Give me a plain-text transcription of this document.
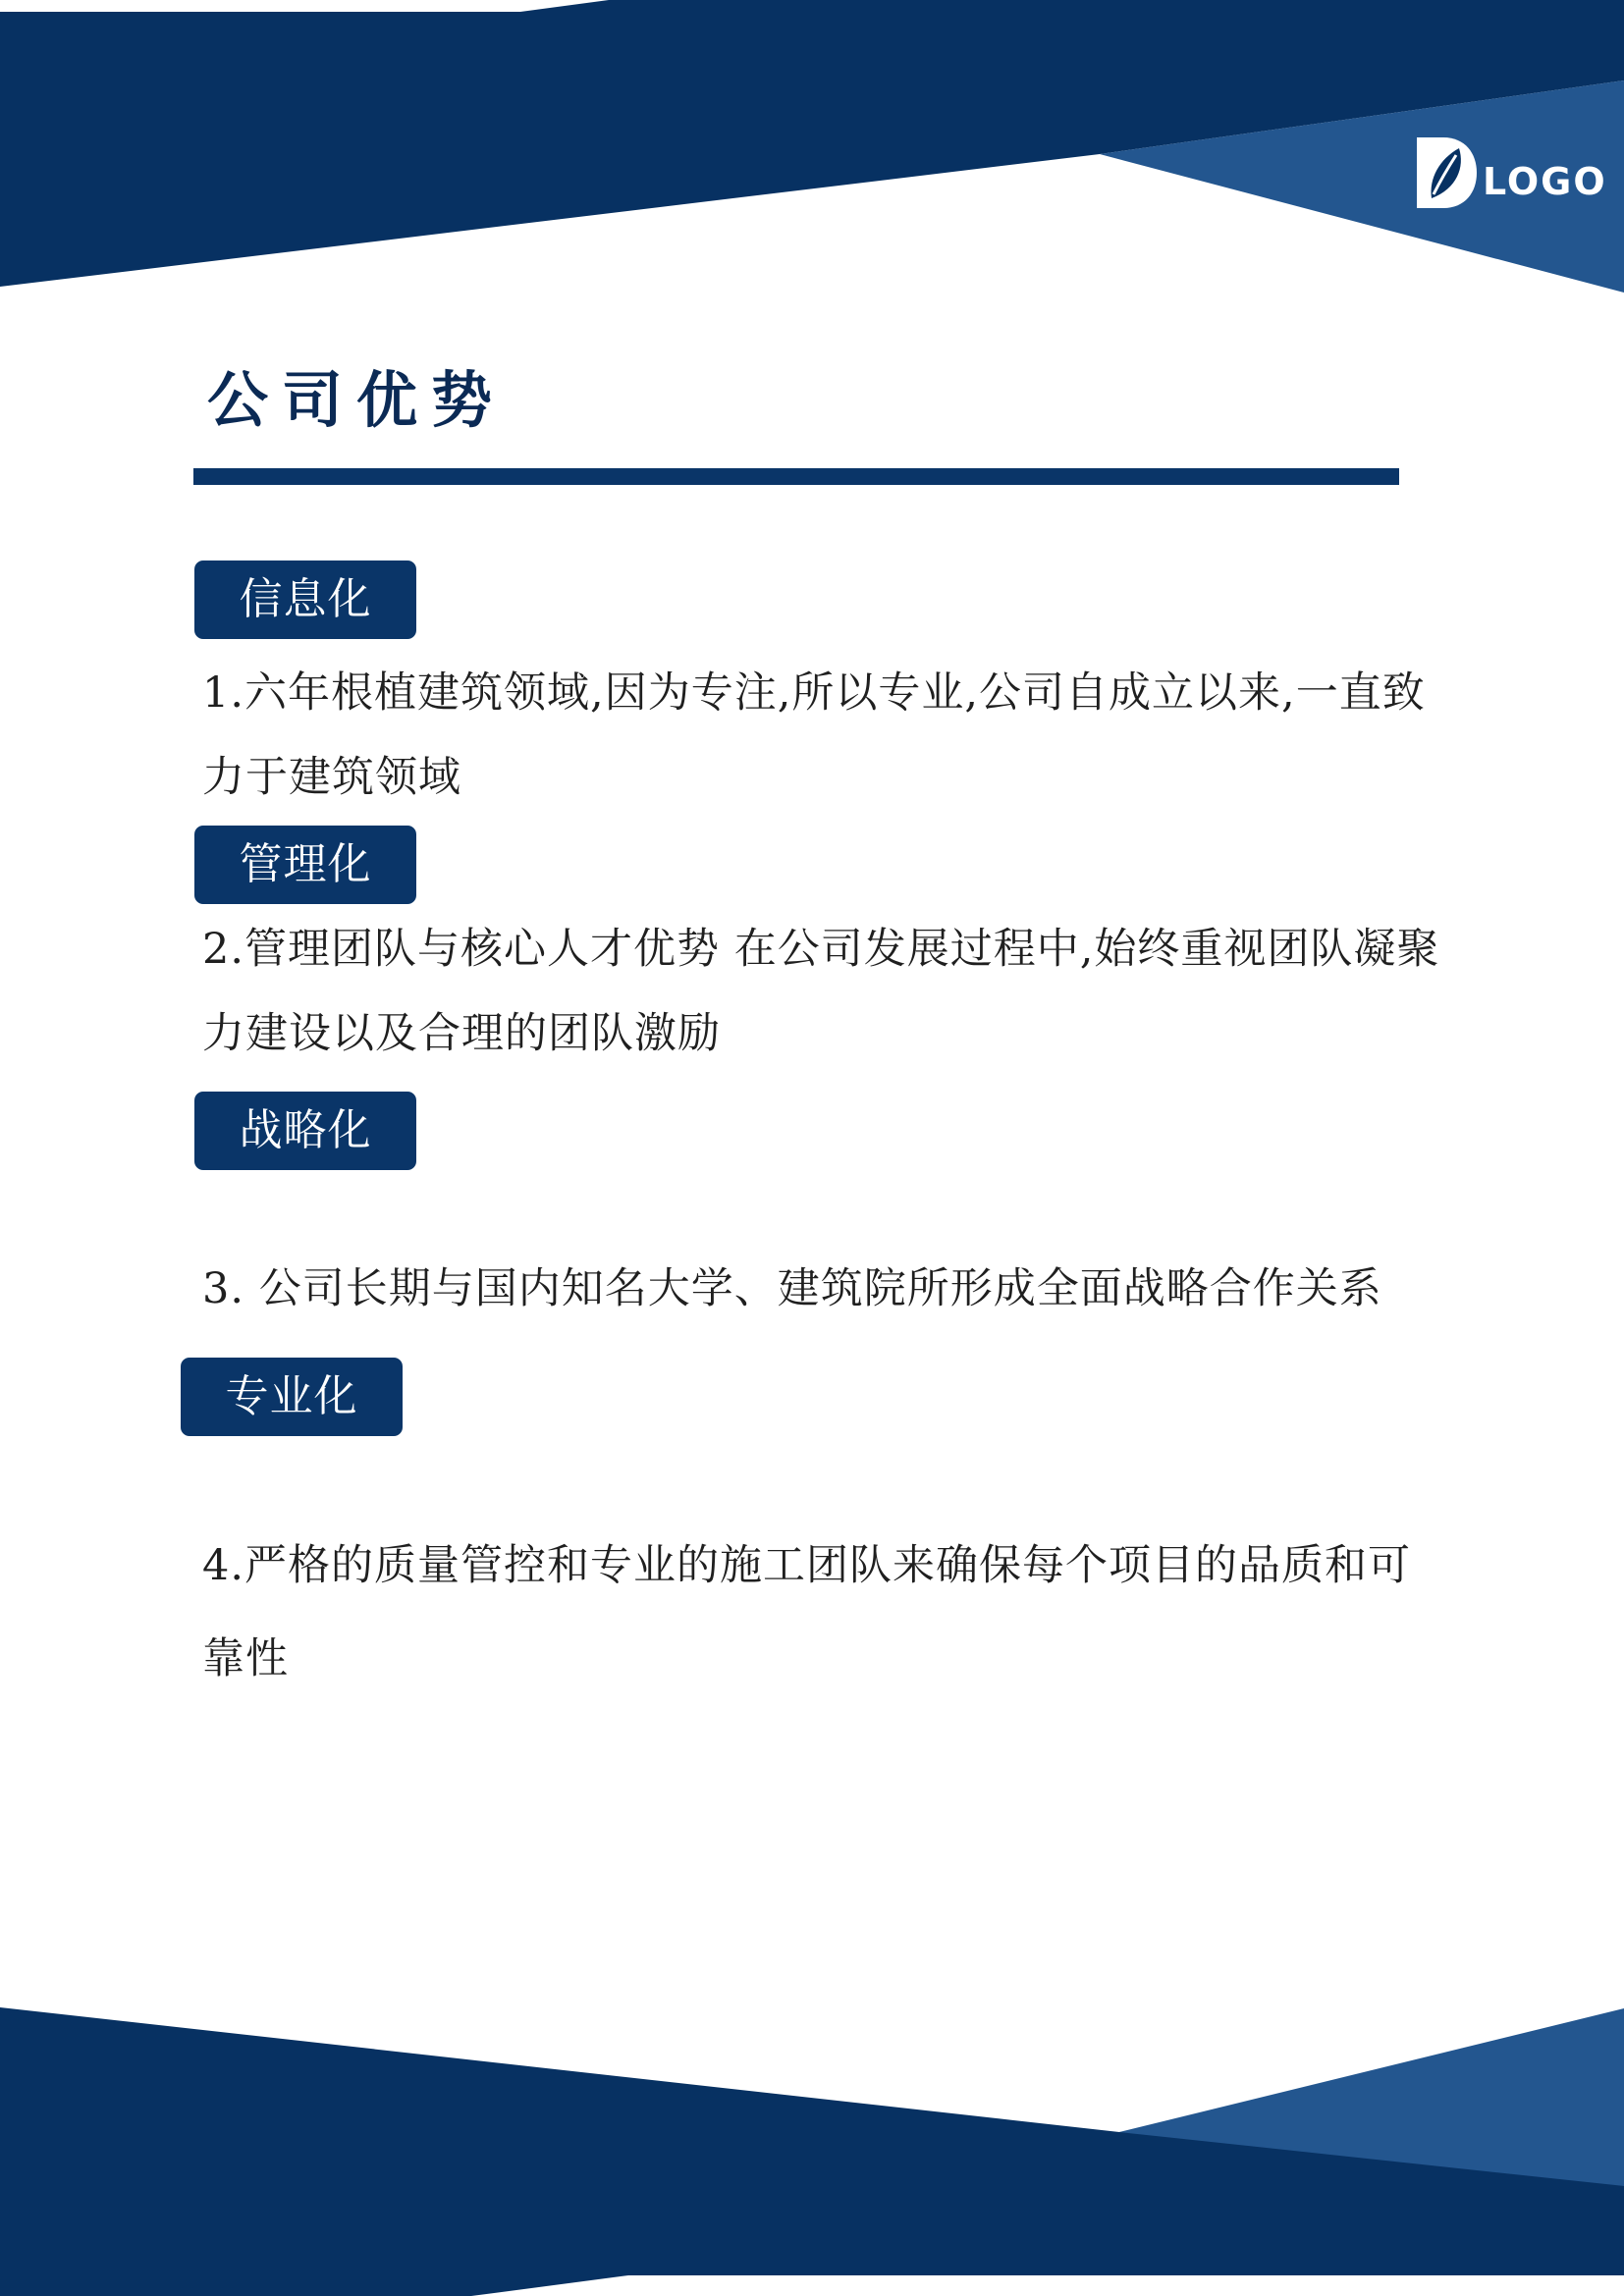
LOGO
公司优势
信息化

1.六年根植建筑领域,因为专注,所以专业,公司自成立以来,一直致力于建筑领域

管理化

2.管理团队与核心人才优势 在公司发展过程中,始终重视团队凝聚力建设以及合理的团队激励

战略化

3. 公司长期与国内知名大学、建筑院所形成全面战略合作关系

专业化

4.严格的质量管控和专业的施工团队来确保每个项目的品质和可靠性
